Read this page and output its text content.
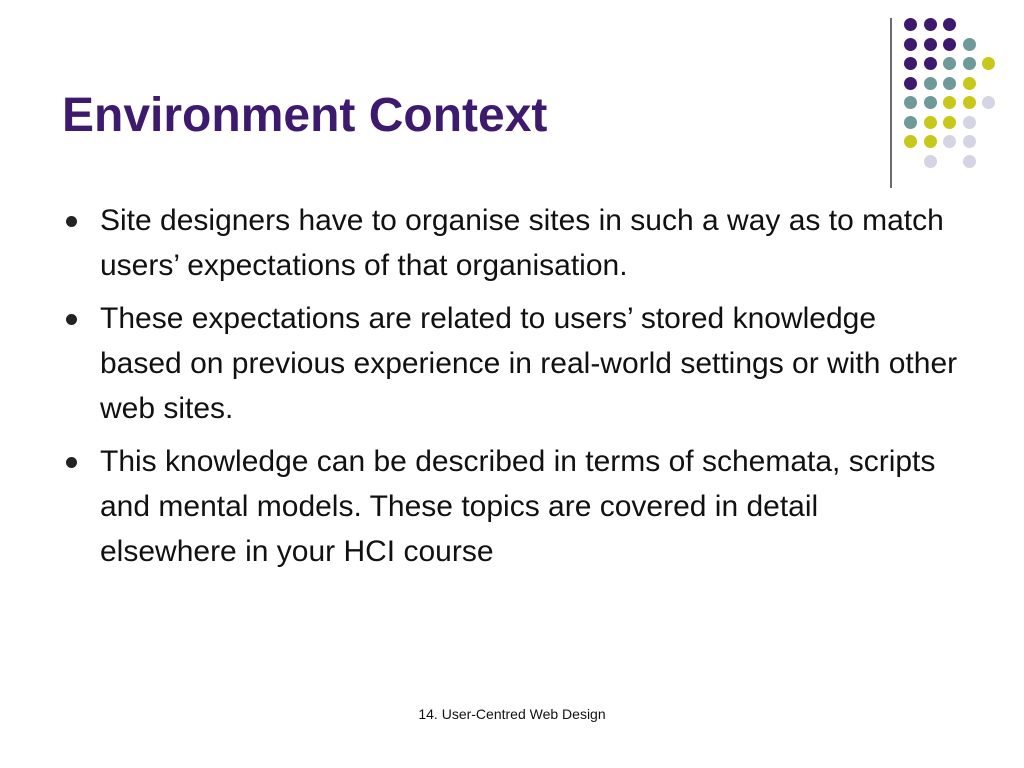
Environment Context
Site designers have to organise sites in such a way as to match users’ expectations of that organisation.
These expectations are related to users’ stored knowledge based on previous experience in real-world settings or with other web sites.
This knowledge can be described in terms of schemata, scripts and mental models. These topics are covered in detail elsewhere in your HCI course
14. User-Centred Web Design
